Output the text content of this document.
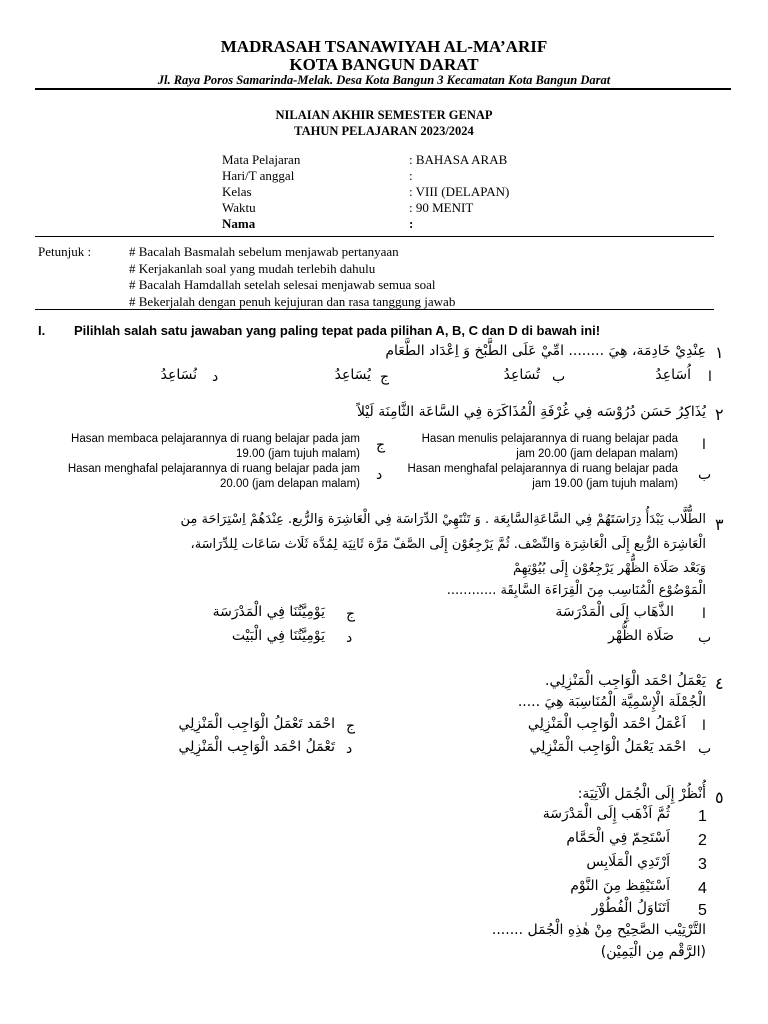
MADRASAH TSANAWIYAH AL-MA’ARIF
KOTA BANGUN DARAT
Jl. Raya Poros Samarinda-Melak. Desa Kota Bangun 3 Kecamatan Kota Bangun Darat
NILAIAN AKHIR SEMESTER GENAP
TAHUN PELAJARAN 2023/2024
Mata Pelajaran
Hari/T anggal
Kelas
Waktu
Nama
: BAHASA ARAB
:
: VIII (DELAPAN)
: 90 MENIT
:
Petunjuk :	# Bacalah Basmalah sebelum menjawab pertanyaan
# Kerjakanlah soal yang mudah terlebih dahulu
# Bacalah Hamdallah setelah selesai menjawab semua soal
# Bekerjalah dengan penuh kejujuran dan rasa tanggung jawab
I. Pilihlah salah satu jawaban yang paling tepat pada pilihan A, B, C dan D di bawah ini!
١
عِنْدِيْ خَادِمَة، هِيَ ........ امِّيْ عَلَى الطَّبْخ وَ اِعْدَاد الطَّعَام
ا
اُسَاعِدُ
ب
تُسَاعِدُ
ج
يُسَاعِدُ
د
نُسَاعِدُ
٢
يُذَاكِرُ حَسَن دُرُوْسَه فِي غُرْفَةِ الْمُذَاكَرَة فِي السَّاعَة الثَّامِنَة لَيْلاً
ا
Hasan menulis pelajarannya di ruang belajar pada
jam 20.00 (jam delapan malam)
ب
Hasan menghafal pelajarannya di ruang belajar pada
jam 19.00 (jam tujuh malam)
ج
Hasan membaca pelajarannya di ruang belajar pada jam
19.00 (jam tujuh malam)
د
Hasan menghafal pelajarannya di ruang belajar pada jam
20.00 (jam delapan malam)
٣
الطُّلَّاب يَبْدَأُ دِرَاسَتَهُمْ فِي السَّاعَةِالسَّابِعَة . وَ تَنْتَهِيْ الدِّرَاسَة فِي الْعَاشِرَة وَالرُّبع. عِنْدَهُمْ اِسْتِرَاحَة مِن
الْعَاشِرَة الرُّبع إِلَى الْعَاشِرَة وَالنِّصْف. ثُمَّ يَرْجِعُوْن إِلَى الصَّفّ مَرَّة ثَانِيَة لِمُدَّة ثَلَاث سَاعَات لِلدِّرَاسَة،
وَبَعْد صَلَاة الظُّهْر يَرْجِعُوْن إِلَى بُيُوْتِهِمْ
الْمَوْضُوْع الْمُنَاسِب مِنَ الْقِرَاءَة السَّابِقَة ............
ا
الذَّهَاب إِلَى الْمَدْرَسَة
ب
صَلَاة الظُّهْر
ج
يَوْمِيَّتُنَا فِي الْمَدْرَسَة
د
يَوْمِيَّتُنَا فِي الْبَيْت
٤
يَعْمَلُ احْمَد الْوَاجِب الْمَنْزِلِي.
الْجُمْلَة الْإِسْمِيَّة الْمُنَاسِبَة هِيَ .....
ا
اَعْمَلُ احْمَد الْوَاجِب الْمَنْزِلِي
ب
احْمَد يَعْمَلُ الْوَاجِب الْمَنْزِلِي
ج
احْمَد تَعْمَلُ الْوَاجِب الْمَنْزِلِي
د
تَعْمَلُ احْمَد الْوَاجِب الْمَنْزِلِي
٥
أُنْظُرْ إِلَى الْجُمَل الْآتِيَة:
ثُمَّ اَذْهَب إِلَى الْمَدْرَسَة 1
اَسْتَحِمّ فِي الْحَمَّام 2
اَرْتَدِي الْمَلَابِس 3
اَسْتَيْقِظ مِنَ النَّوْم 4
اَتَنَاوَلُ الْفُطُوْر 5
التَّرْتِيْب الصَّحِيْح مِنْ هٰذِهِ الْجُمَل .......
(الرَّقْم مِن الْيَمِيْن)
